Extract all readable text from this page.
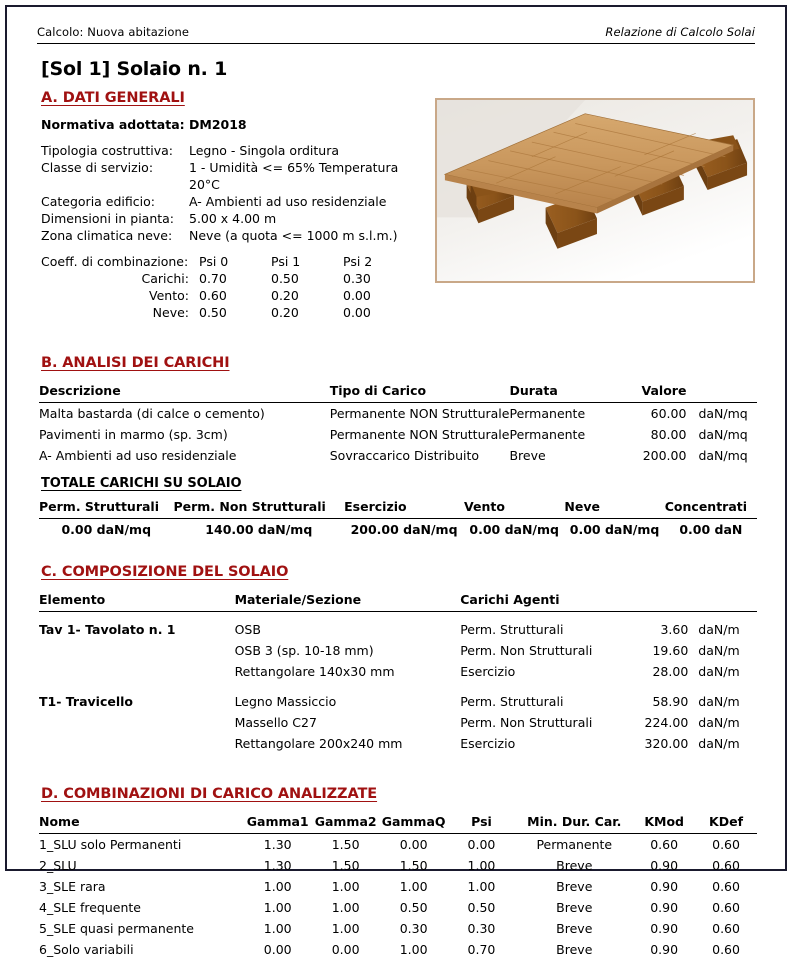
Calcolo: Nuova abitazione	Relazione di Calcolo Solai
[Sol 1] Solaio n. 1
A. DATI GENERALI
Normativa adottata: DM2018
Tipologia costruttiva:	Legno - Singola orditura
Classe di servizio:	1 - Umidità <= 65% Temperatura 20°C
Categoria edificio:	A- Ambienti ad uso residenziale
Dimensioni in pianta:	5.00 x 4.00 m
Zona climatica neve:	Neve (a quota <= 1000 m s.l.m.)
Coeff. di combinazione:	Psi 0	Psi 1	Psi 2
Carichi:	0.70	0.50	0.30
Vento:	0.60	0.20	0.00
Neve:	0.50	0.20	0.00
B. ANALISI DEI CARICHI
Descrizione	Tipo di Carico	Durata	Valore	
Malta bastarda (di calce o cemento)	Permanente NON Strutturale	Permanente	60.00	daN/mq
Pavimenti in marmo (sp. 3cm)	Permanente NON Strutturale	Permanente	80.00	daN/mq
A- Ambienti ad uso residenziale	Sovraccarico Distribuito	Breve	200.00	daN/mq
TOTALE CARICHI SU SOLAIO
Perm. Strutturali	Perm. Non Strutturali	Esercizio	Vento	Neve	Concentrati
0.00 daN/mq	140.00 daN/mq	200.00 daN/mq	0.00 daN/mq	0.00 daN/mq	0.00 daN
C. COMPOSIZIONE DEL SOLAIO
Elemento	Materiale/Sezione	Carichi Agenti		
Tav 1- Tavolato n. 1	OSB	Perm. Strutturali	3.60	daN/m
	OSB 3 (sp. 10-18 mm)	Perm. Non Strutturali	19.60	daN/m
	Rettangolare 140x30 mm	Esercizio	28.00	daN/m
T1- Travicello	Legno Massiccio	Perm. Strutturali	58.90	daN/m
	Massello C27	Perm. Non Strutturali	224.00	daN/m
	Rettangolare 200x240 mm	Esercizio	320.00	daN/m
D. COMBINAZIONI DI CARICO ANALIZZATE
Nome	Gamma1	Gamma2	GammaQ	Psi	Min. Dur. Car.	KMod	KDef
1_SLU solo Permanenti	1.30	1.50	0.00	0.00	Permanente	0.60	0.60
2_SLU	1.30	1.50	1.50	1.00	Breve	0.90	0.60
3_SLE rara	1.00	1.00	1.00	1.00	Breve	0.90	0.60
4_SLE frequente	1.00	1.00	0.50	0.50	Breve	0.90	0.60
5_SLE quasi permanente	1.00	1.00	0.30	0.30	Breve	0.90	0.60
6_Solo variabili	0.00	0.00	1.00	0.70	Breve	0.90	0.60
